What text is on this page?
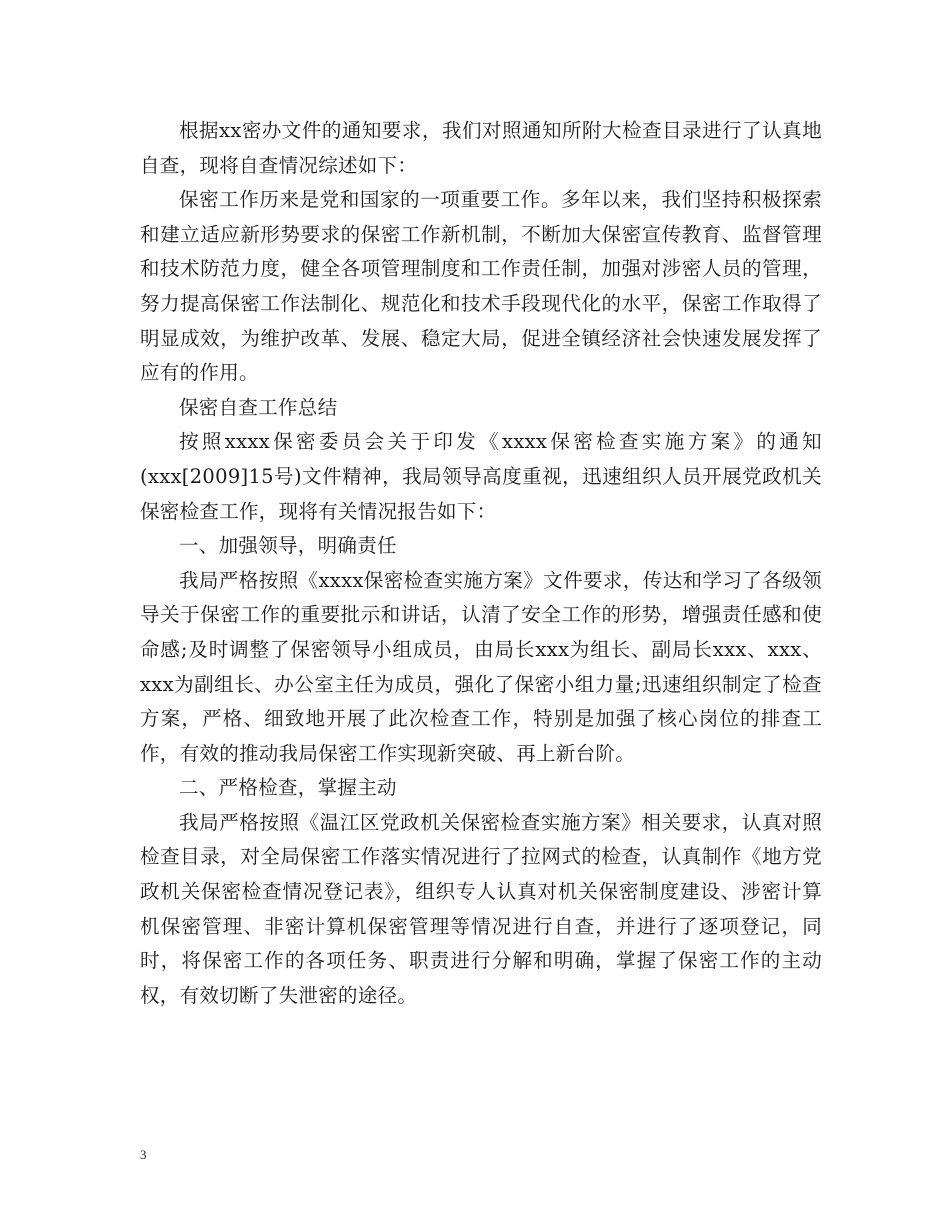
根据xx密办文件的通知要求，我们对照通知所附大检查目录进行了认真地自查，现将自查情况综述如下：

保密工作历来是党和国家的一项重要工作。多年以来，我们坚持积极探索和建立适应新形势要求的保密工作新机制，不断加大保密宣传教育、监督管理和技术防范力度，健全各项管理制度和工作责任制，加强对涉密人员的管理，努力提高保密工作法制化、规范化和技术手段现代化的水平，保密工作取得了明显成效，为维护改革、发展、稳定大局，促进全镇经济社会快速发展发挥了应有的作用。

保密自查工作总结

按照xxxx保密委员会关于印发《xxxx保密检查实施方案》的通知(xxx[2009]15号)文件精神，我局领导高度重视，迅速组织人员开展党政机关保密检查工作，现将有关情况报告如下：

一、加强领导，明确责任

我局严格按照《xxxx保密检查实施方案》文件要求，传达和学习了各级领导关于保密工作的重要批示和讲话，认清了安全工作的形势，增强责任感和使命感;及时调整了保密领导小组成员，由局长xxx为组长、副局长xxx、xxx、xxx为副组长、办公室主任为成员，强化了保密小组力量;迅速组织制定了检查方案，严格、细致地开展了此次检查工作，特别是加强了核心岗位的排查工作，有效的推动我局保密工作实现新突破、再上新台阶。

二、严格检查，掌握主动

我局严格按照《温江区党政机关保密检查实施方案》相关要求，认真对照检查目录，对全局保密工作落实情况进行了拉网式的检查，认真制作《地方党政机关保密检查情况登记表》，组织专人认真对机关保密制度建设、涉密计算机保密管理、非密计算机保密管理等情况进行自查，并进行了逐项登记，同时，将保密工作的各项任务、职责进行分解和明确，掌握了保密工作的主动权，有效切断了失泄密的途径。

3
